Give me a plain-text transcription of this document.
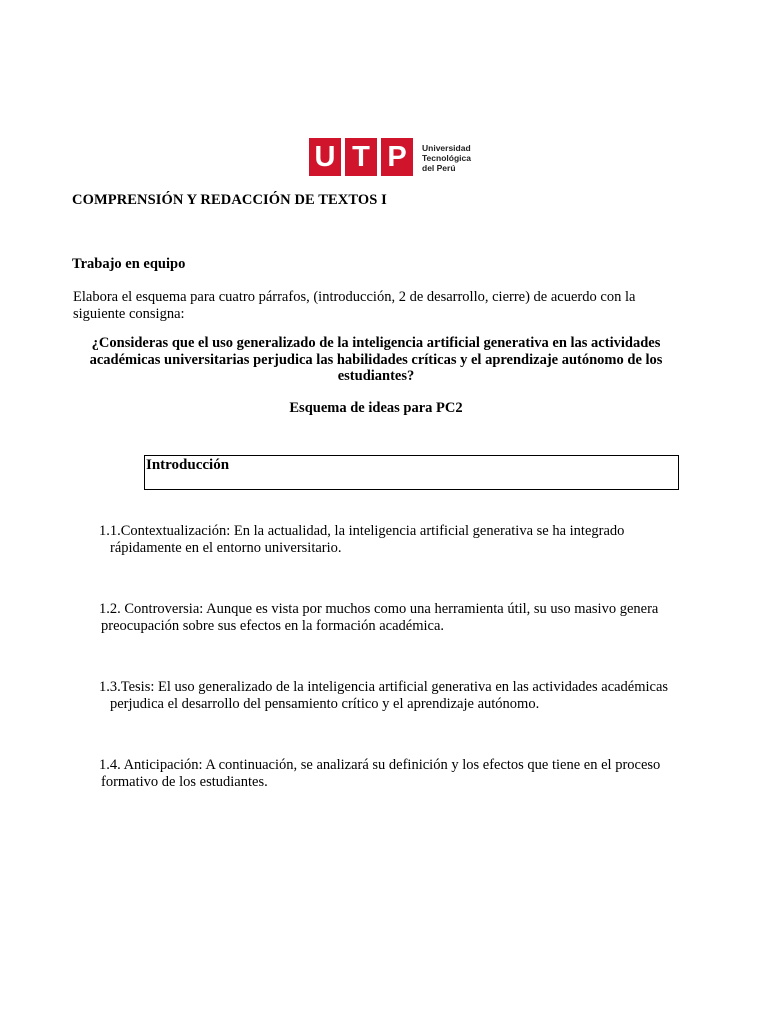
U T P	Universidad
Tecnológica
del Perú
COMPRENSIÓN Y REDACCIÓN DE TEXTOS I
Trabajo en equipo
Elabora el esquema para cuatro párrafos, (introducción, 2 de desarrollo, cierre) de acuerdo con la siguiente consigna:
¿Consideras que el uso generalizado de la inteligencia artificial generativa en las actividades académicas universitarias perjudica las habilidades críticas y el aprendizaje autónomo de los estudiantes?
Esquema de ideas para PC2
Introducción
1.1.Contextualización: En la actualidad, la inteligencia artificial generativa se ha integrado
rápidamente en el entorno universitario.
1.2. Controversia: Aunque es vista por muchos como una herramienta útil, su uso masivo genera
preocupación sobre sus efectos en la formación académica.
1.3.Tesis: El uso generalizado de la inteligencia artificial generativa en las actividades académicas
perjudica el desarrollo del pensamiento crítico y el aprendizaje autónomo.
1.4. Anticipación: A continuación, se analizará su definición y los efectos que tiene en el proceso
formativo de los estudiantes.
